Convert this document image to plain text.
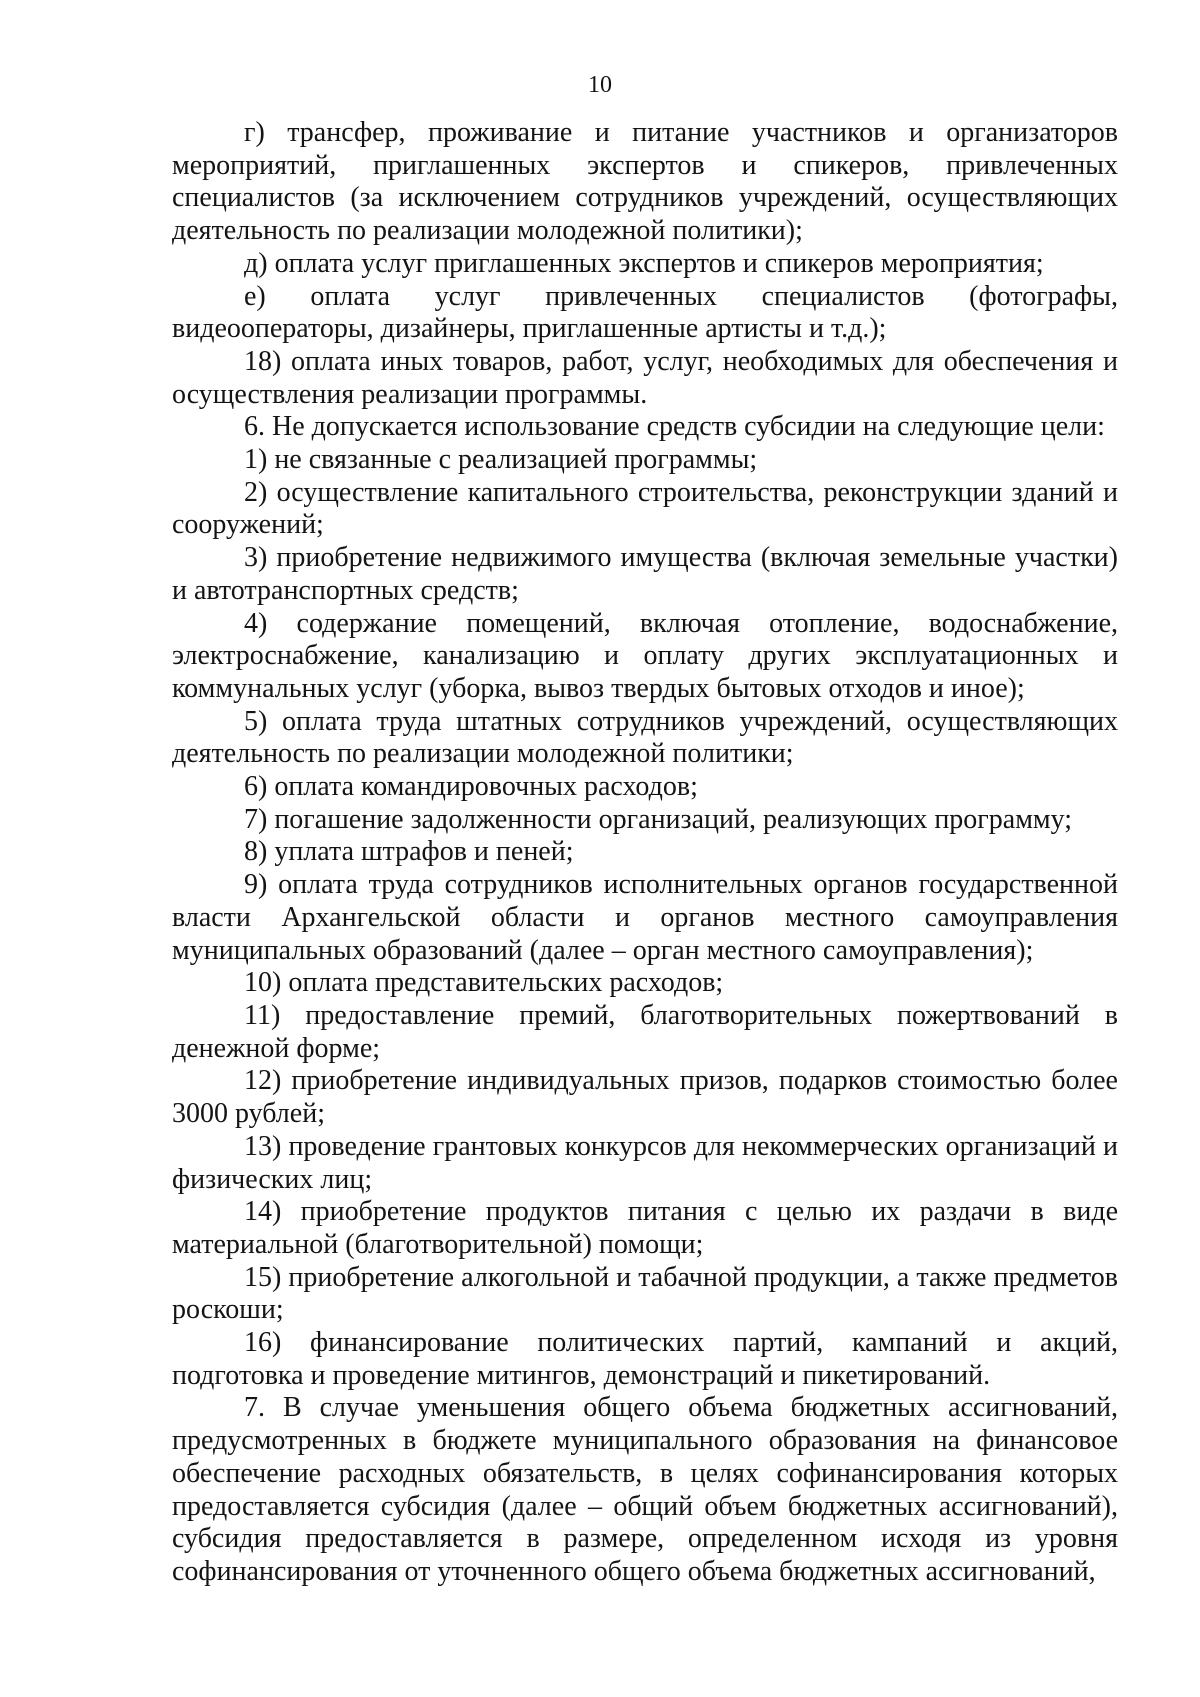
10

г) трансфер, проживание и питание участников и организаторов мероприятий, приглашенных экспертов и спикеров, привлеченных специалистов (за исключением сотрудников учреждений, осуществляющих деятельность по реализации молодежной политики);

д) оплата услуг приглашенных экспертов и спикеров мероприятия;

е) оплата услуг привлеченных специалистов (фотографы, видеооператоры, дизайнеры, приглашенные артисты и т.д.);

18) оплата иных товаров, работ, услуг, необходимых для обеспечения и осуществления реализации программы.

6. Не допускается использование средств субсидии на следующие цели:

1) не связанные с реализацией программы;

2) осуществление капитального строительства, реконструкции зданий и сооружений;

3) приобретение недвижимого имущества (включая земельные участки) и автотранспортных средств;

4) содержание помещений, включая отопление, водоснабжение, электроснабжение, канализацию и оплату других эксплуатационных и коммунальных услуг (уборка, вывоз твердых бытовых отходов и иное);

5) оплата труда штатных сотрудников учреждений, осуществляющих деятельность по реализации молодежной политики;

6) оплата командировочных расходов;

7) погашение задолженности организаций, реализующих программу;

8) уплата штрафов и пеней;

9) оплата труда сотрудников исполнительных органов государственной власти Архангельской области и органов местного самоуправления муниципальных образований (далее – орган местного самоуправления);

10) оплата представительских расходов;

11) предоставление премий, благотворительных пожертвований в денежной форме;

12) приобретение индивидуальных призов, подарков стоимостью более 3000 рублей;

13) проведение грантовых конкурсов для некоммерческих организаций и физических лиц;

14) приобретение продуктов питания с целью их раздачи в виде материальной (благотворительной) помощи;

15) приобретение алкогольной и табачной продукции, а также предметов роскоши;

16) финансирование политических партий, кампаний и акций, подготовка и проведение митингов, демонстраций и пикетирований.

7. В случае уменьшения общего объема бюджетных ассигнований, предусмотренных в бюджете муниципального образования на финансовое обеспечение расходных обязательств, в целях софинансирования которых предоставляется субсидия (далее – общий объем бюджетных ассигнований), субсидия предоставляется в размере, определенном исходя из уровня софинансирования от уточненного общего объема бюджетных ассигнований,
